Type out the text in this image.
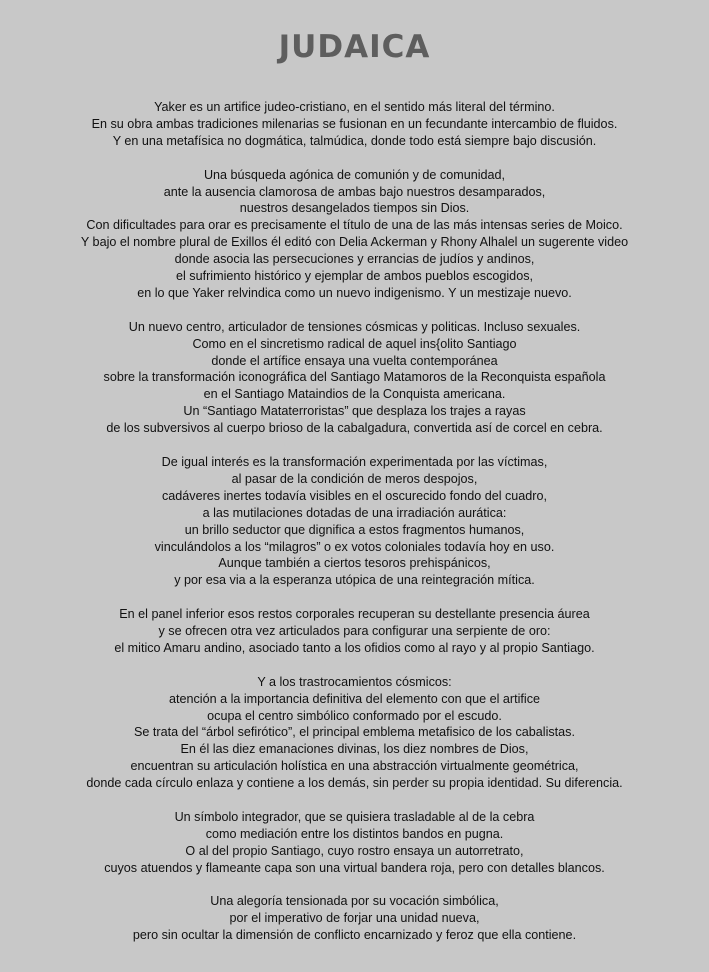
JUDAICA
Yaker es un artifice judeo-cristiano, en el sentido más literal del término.
En su obra ambas tradiciones milenarias se fusionan en un fecundante intercambio de fluidos.
Y en una metafísica no dogmática, talmúdica, donde todo está siempre bajo discusión.
Una búsqueda agónica de comunión y de comunidad,
ante la ausencia clamorosa de ambas bajo nuestros desamparados,
nuestros desangelados tiempos sin Dios.
Con dificultades para orar es precisamente el título de una de las más intensas series de Moico.
Y bajo el nombre plural de Exillos él editó con Delia Ackerman y Rhony Alhalel un sugerente video
donde asocia las persecuciones y errancias de judíos y andinos,
el sufrimiento histórico y ejemplar de ambos pueblos escogidos,
en lo que Yaker relvindica como un nuevo indigenismo. Y un mestizaje nuevo.
Un nuevo centro, articulador de tensiones cósmicas y politicas. Incluso sexuales.
Como en el sincretismo radical de aquel ins{olito Santiago
donde el artífice ensaya una vuelta contemporánea
sobre la transformación iconográfica del Santiago Matamoros de la Reconquista española
en el Santiago Mataindios de la Conquista americana.
Un “Santiago Mataterroristas” que desplaza los trajes a rayas
de los subversivos al cuerpo brioso de la cabalgadura, convertida así de corcel en cebra.
De igual interés es la transformación experimentada por las víctimas,
al pasar de la condición de meros despojos,
cadáveres inertes todavía visibles en el oscurecido fondo del cuadro,
a las mutilaciones dotadas de una irradiación aurática:
un brillo seductor que dignifica a estos fragmentos humanos,
vinculándolos a los “milagros” o ex votos coloniales todavía hoy en uso.
Aunque también a ciertos tesoros prehispánicos,
y por esa via a la esperanza utópica de una reintegración mítica.
En el panel inferior esos restos corporales recuperan su destellante presencia áurea
y se ofrecen otra vez articulados para configurar una serpiente de oro:
el mitico Amaru andino, asociado tanto a los ofidios como al rayo y al propio Santiago.
Y a los trastrocamientos cósmicos:
atención a la importancia definitiva del elemento con que el artifice
ocupa el centro simbólico conformado por el escudo.
Se trata del “árbol sefirótico”, el principal emblema metafisico de los cabalistas.
En él las diez emanaciones divinas, los diez nombres de Dios,
encuentran su articulación holística en una abstracción virtualmente geométrica,
donde cada círculo enlaza y contiene a los demás, sin perder su propia identidad. Su diferencia.
Un símbolo integrador, que se quisiera trasladable al de la cebra
como mediación entre los distintos bandos en pugna.
O al del propio Santiago, cuyo rostro ensaya un autorretrato,
cuyos atuendos y flameante capa son una virtual bandera roja, pero con detalles blancos.
Una alegoría tensionada por su vocación simbólica,
por el imperativo de forjar una unidad nueva,
pero sin ocultar la dimensión de conflicto encarnizado y feroz que ella contiene.
